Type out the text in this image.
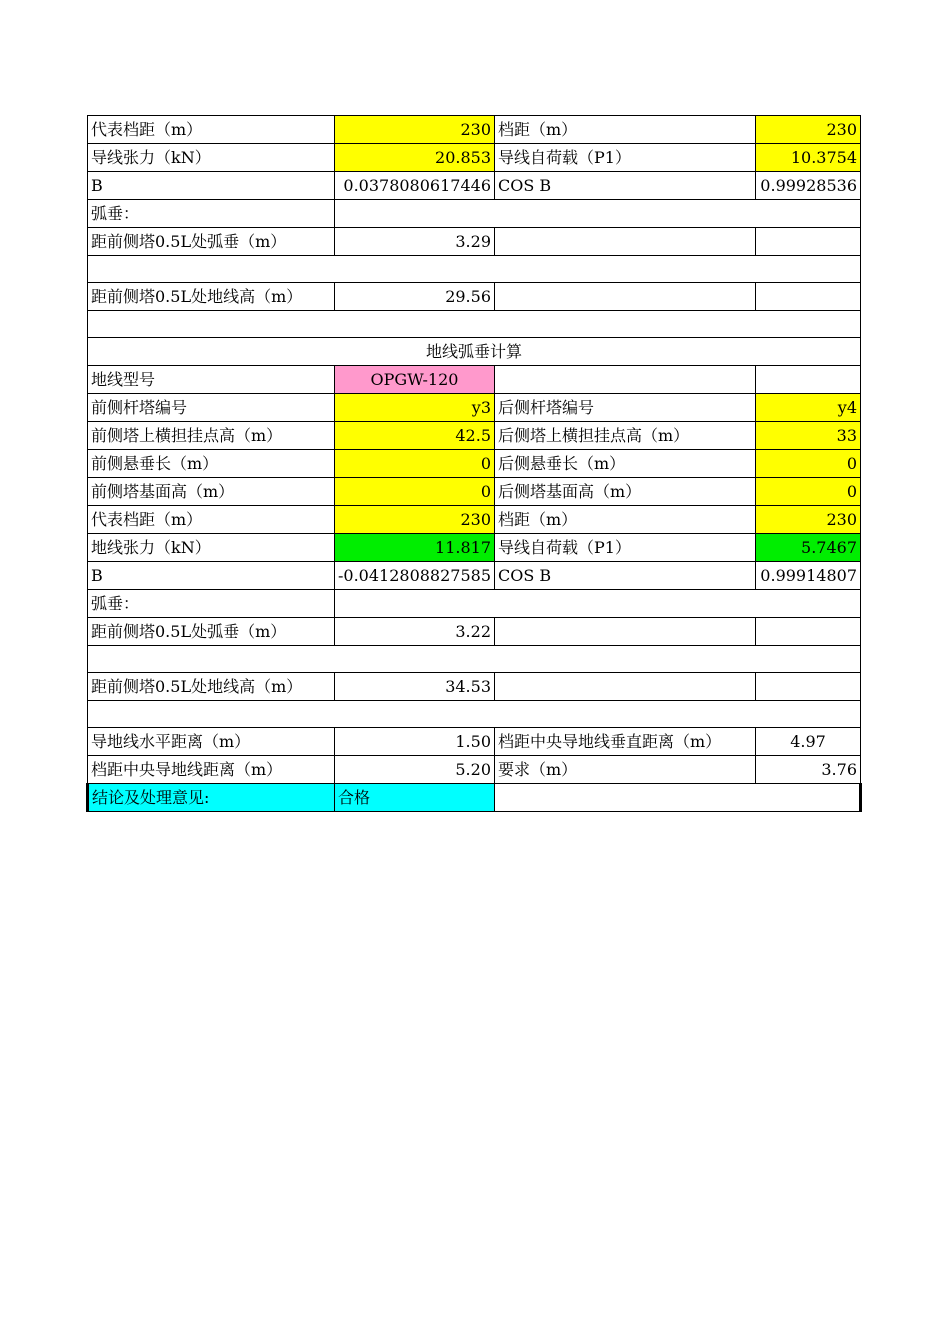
代表档距（m）	230	档距（m）	230
导线张力（kN）	20.853	导线自荷载（P1）	10.3754
B	0.0378080617446	COS B	0.99928536
弧垂：			
距前侧塔0.5L处弧垂（m）	3.29		

距前侧塔0.5L处地线高（m）	29.56		

地线弧垂计算			
地线型号	OPGW-120		
前侧杆塔编号	y3	后侧杆塔编号	y4
前侧塔上横担挂点高（m）	42.5	后侧塔上横担挂点高（m）	33
前侧悬垂长（m）	0	后侧悬垂长（m）	0
前侧塔基面高（m）	0	后侧塔基面高（m）	0
代表档距（m）	230	档距（m）	230
地线张力（kN）	11.817	导线自荷载（P1）	5.7467
B	-0.0412808827585	COS B	0.99914807
弧垂：			
距前侧塔0.5L处弧垂（m）	3.22		

距前侧塔0.5L处地线高（m）	34.53		

导地线水平距离（m）	1.50	档距中央导地线垂直距离（m）	4.97
档距中央导地线距离（m）	5.20	要求（m）	3.76
结论及处理意见:	合格		
